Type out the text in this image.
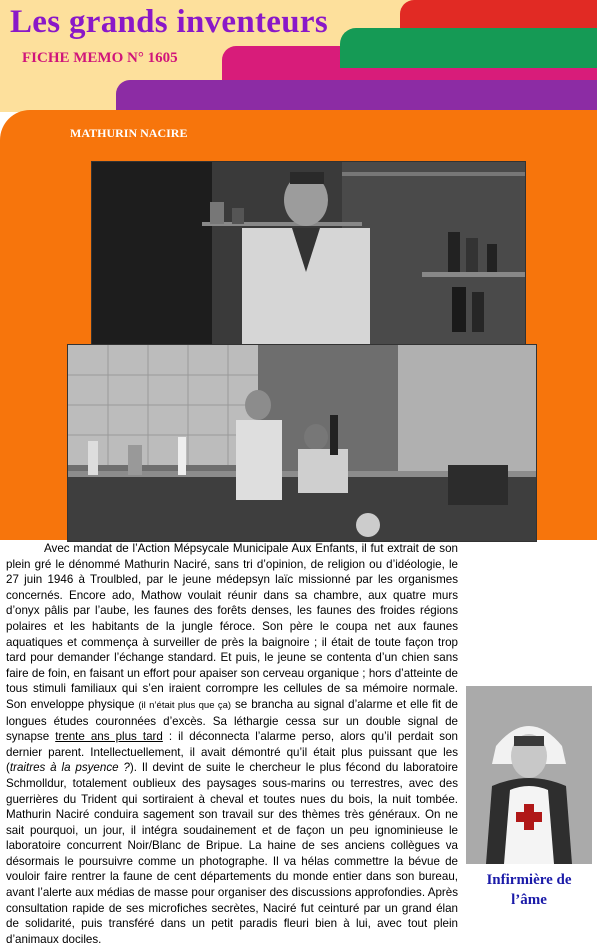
Les grands inventeurs
FICHE MEMO N° 1605
MATHURIN NACIRE
Infirmière de
l’âme

Avec mandat de l’Action Mépsycale Municipale Aux Enfants, il fut extrait de son plein gré le dénommé Mathurin Naciré, sans tri d’opinion, de religion ou d’idéologie, le 27 juin 1946 à Troulbled, par le jeune médepsyn laïc missionné par les organismes concernés. Encore ado, Mathow voulait réunir dans sa chambre, aux quatre murs d’onyx pâlis par l’aube, les faunes des forêts denses, les faunes des froides régions polaires et les habitants de la jungle féroce. Son père le coupa net aux faunes aquatiques et commença à surveiller de près la baignoire ; il était de toute façon trop tard pour demander l’échange standard. Et puis, le jeune se contenta d’un chien sans faire de foin, en faisant un effort pour apaiser son cerveau organique ; hors d’atteinte de tous stimuli familiaux qui s’en iraient corrompre les cellules de sa mémoire normale. Son enveloppe physique (il n’était plus que ça) se brancha au signal d’alarme et elle fit de longues études couronnées d’excès. Sa léthargie cessa sur un double signal de synapse trente ans plus tard : il déconnecta l’alarme perso, alors qu’il perdait son dernier parent. Intellectuellement, il avait démontré qu’il était plus puissant que les (traitres à la psyence ?). Il devint de suite le chercheur le plus fécond du laboratoire Schmolldur, totalement oublieux des paysages sous-marins ou terrestres, avec des guerrières du Trident qui sortiraient à cheval et toutes nues du bois, la nuit tombée. Mathurin Naciré conduira sagement son travail sur des thèmes très généraux. On ne sait pourquoi, un jour, il intégra soudainement et de façon un peu ignominieuse le laboratoire concurrent Noir/Blanc de Bripue. La haine de ses anciens collègues va désormais le poursuivre comme un photographe. Il va hélas commettre la bévue de vouloir faire rentrer la faune de cent départements du monde entier dans son bureau, avant l’alerte aux médias de masse pour organiser des discussions approfondies. Après consultation rapide de ses microfiches secrètes, Naciré fut ceinturé par un grand élan de solidarité, puis transféré dans un petit paradis fleuri bien à lui, avec tout plein d’animaux dociles.
